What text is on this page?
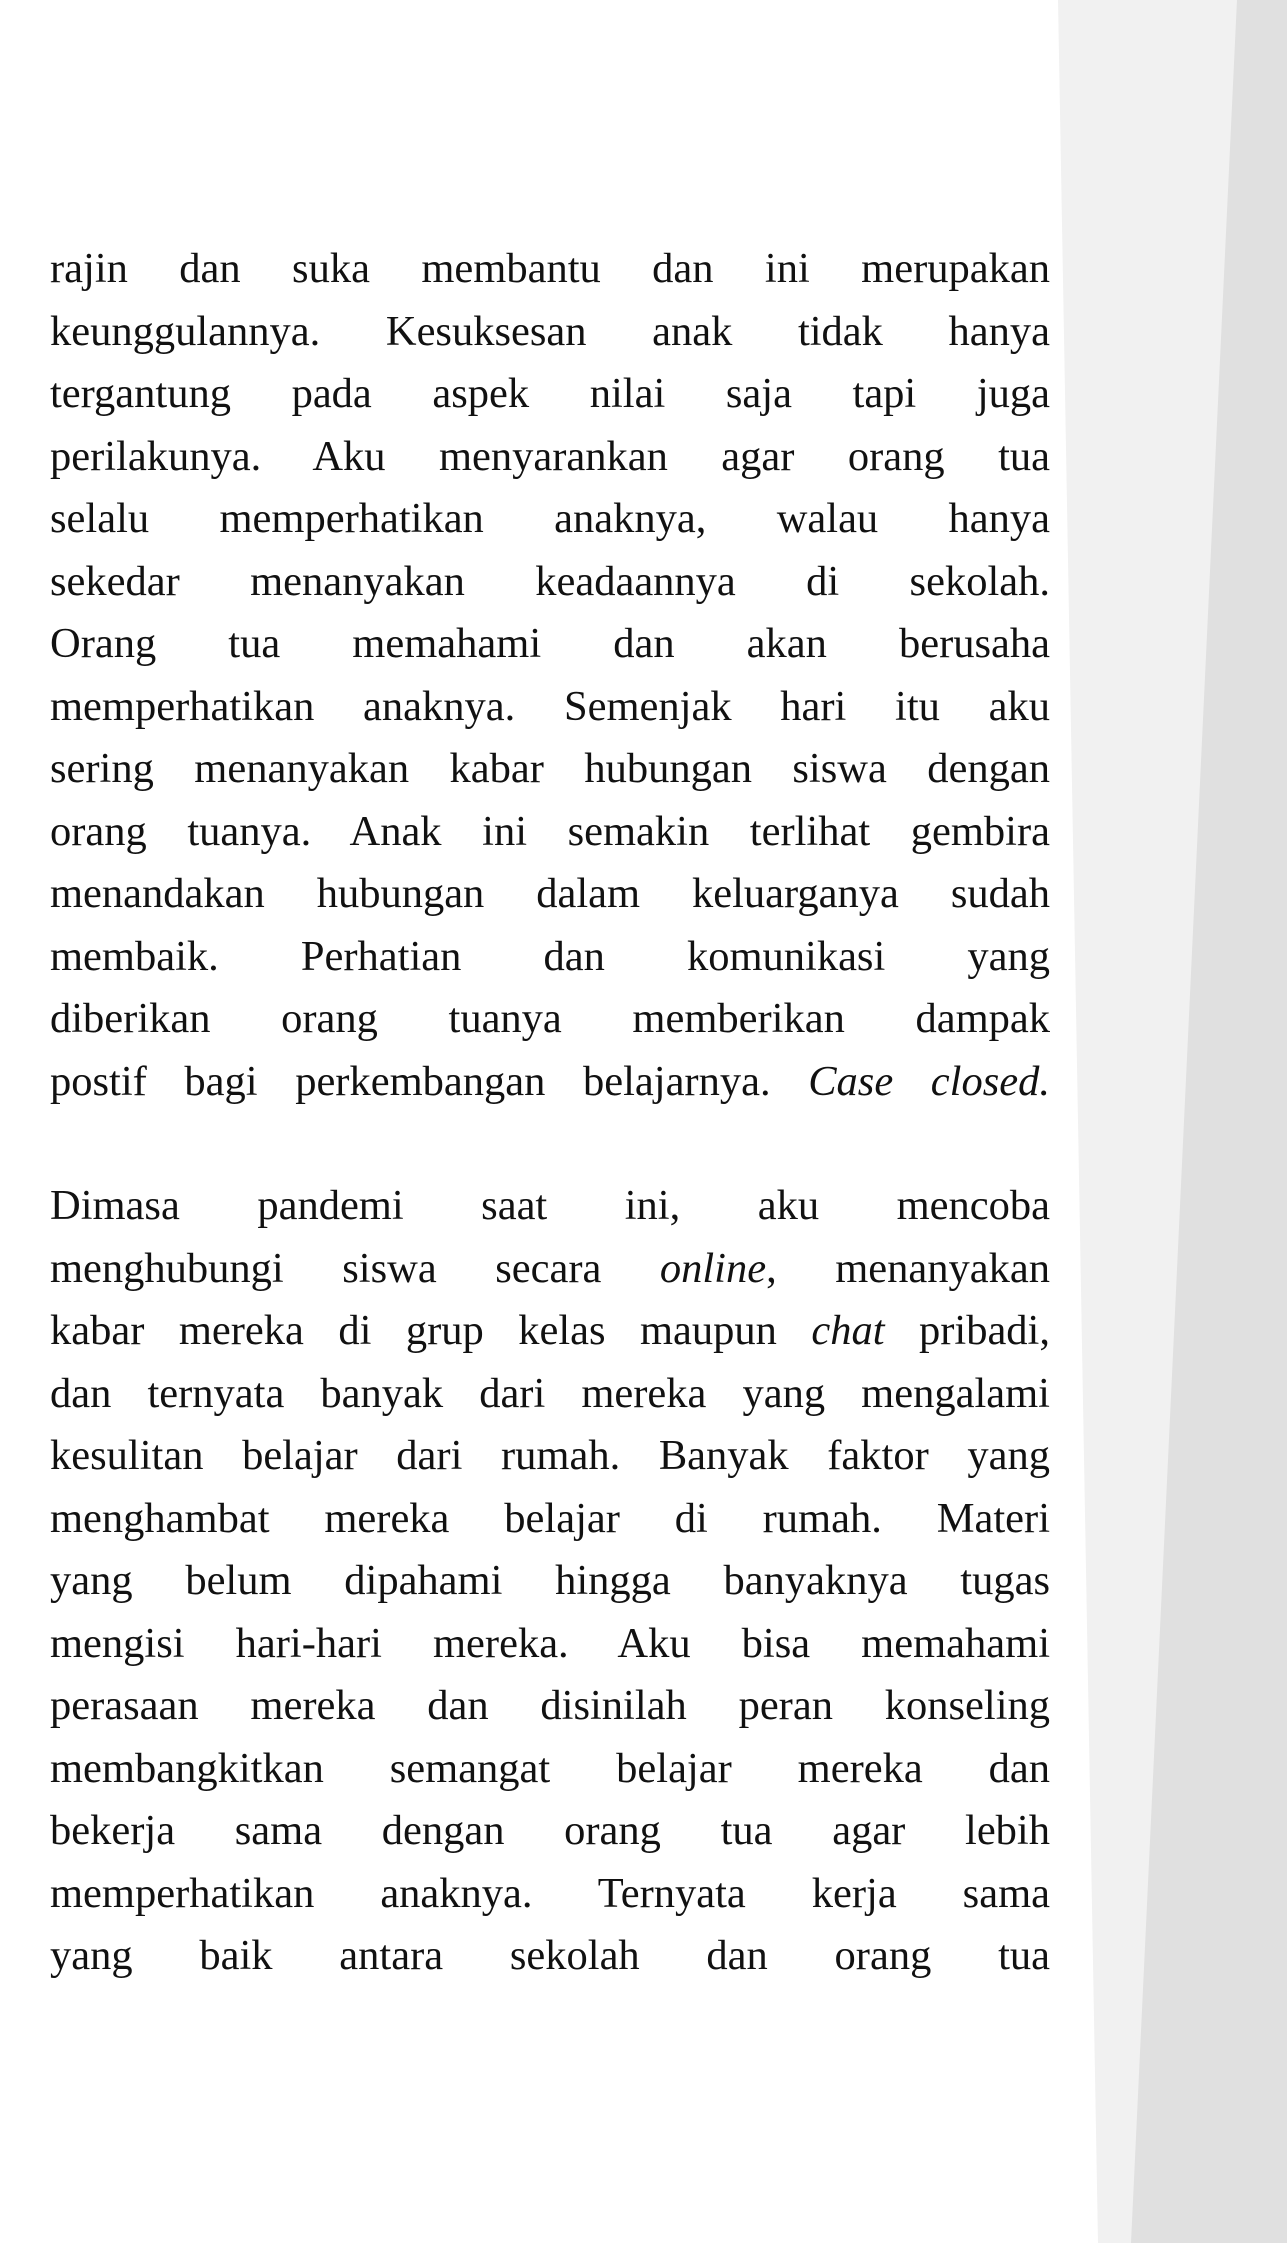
rajin dan suka membantu dan ini merupakan
keunggulannya. Kesuksesan anak tidak hanya
tergantung pada aspek nilai saja tapi juga
perilakunya. Aku menyarankan agar orang tua
selalu memperhatikan anaknya, walau hanya
sekedar menanyakan keadaannya di sekolah.
Orang tua memahami dan akan berusaha
memperhatikan anaknya. Semenjak hari itu aku
sering menanyakan kabar hubungan siswa dengan
orang tuanya. Anak ini semakin terlihat gembira
menandakan hubungan dalam keluarganya sudah
membaik. Perhatian dan komunikasi yang
diberikan orang tuanya memberikan dampak
postif bagi perkembangan belajarnya. Case closed.

Dimasa pandemi saat ini, aku mencoba
menghubungi siswa secara online, menanyakan
kabar mereka di grup kelas maupun chat pribadi,
dan ternyata banyak dari mereka yang mengalami
kesulitan belajar dari rumah. Banyak faktor yang
menghambat mereka belajar di rumah. Materi
yang belum dipahami hingga banyaknya tugas
mengisi hari-hari mereka. Aku bisa memahami
perasaan mereka dan disinilah peran konseling
membangkitkan semangat belajar mereka dan
bekerja sama dengan orang tua agar lebih
memperhatikan anaknya. Ternyata kerja sama
yang baik antara sekolah dan orang tua
